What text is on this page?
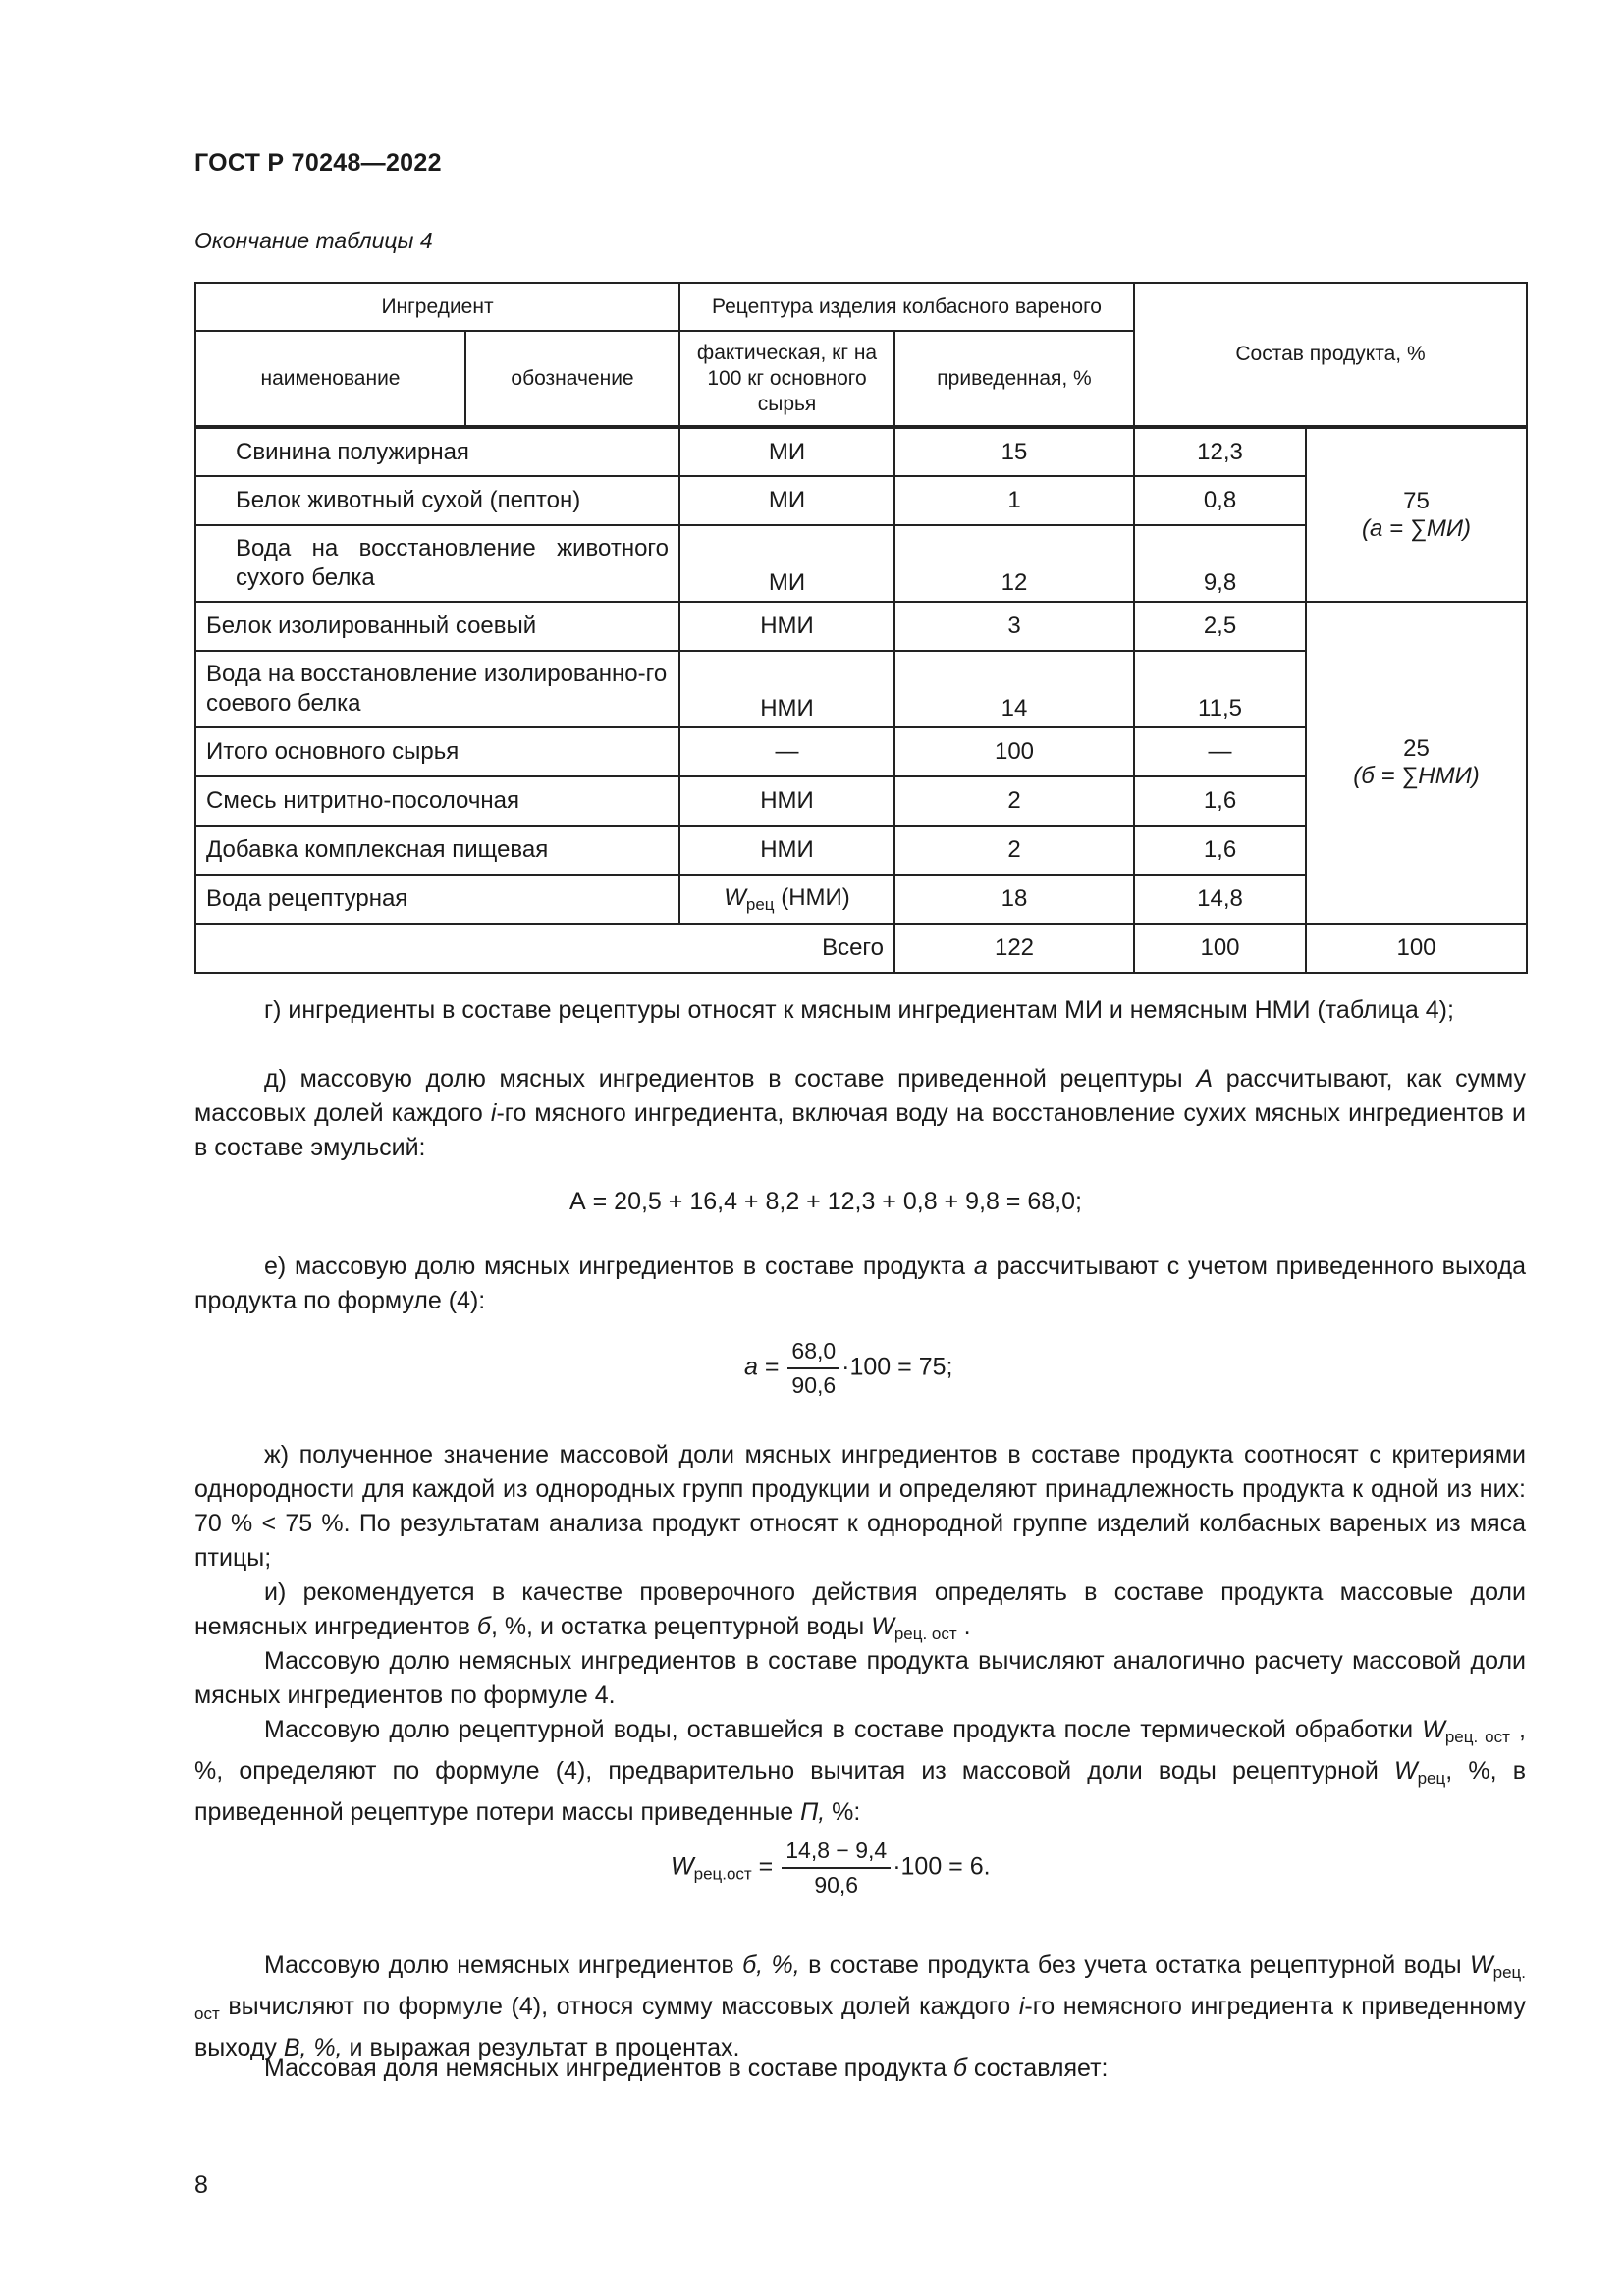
ГОСТ Р 70248—2022
Окончание таблицы 4
Ингредиент		Рецептура изделия колбасного вареного		Состав продукта, %	
наименование	обозначение	фактическая, кг на 100 кг основного сырья	приведенная, %		
Свинина полужирная		МИ	15	12,3	75
(а = ∑МИ)

Белок животный сухой (пептон)		МИ	1	0,8	

Вода на восстановление животного сухого белка		МИ	12	9,8	
Белок изолированный соевый		НМИ	3	2,5	25
(б = ∑НМИ)

Вода на восстановление изолированно-го соевого белка		НМИ	14	11,5	
Итого основного сырья		—	100	—	
Смесь нитритно-посолочная		НМИ	2	1,6	
Добавка комплексная пищевая		НМИ	2	1,6	
Вода рецептурная		$W_{рец}$ (НМИ)	18	14,8	
Всего			122	100	100

г) ингредиенты в составе рецептуры относят к мясным ингредиентам МИ и немясным НМИ (таблица 4);

д) массовую долю мясных ингредиентов в составе приведенной рецептуры А рассчитывают, как сумму массовых долей каждого i-го мясного ингредиента, включая воду на восстановление сухих мясных ингредиентов и в составе эмульсий:

А = 20,5 + 16,4 + 8,2 + 12,3 + 0,8 + 9,8 = 68,0;

е) массовую долю мясных ингредиентов в составе продукта а рассчитывают с учетом приведенного выхода продукта по формуле (4):

$a = \frac{68,0}{90,6} \cdot 100 = 75$;

ж) полученное значение массовой доли мясных ингредиентов в составе продукта соотносят с критериями однородности для каждой из однородных групп продукции и определяют принадлежность продукта к одной из них: 70 % < 75 %. По результатам анализа продукт относят к однородной группе изделий колбасных вареных из мяса птицы;

и) рекомендуется в качестве проверочного действия определять в составе продукта массовые доли немясных ингредиентов б, %, и остатка рецептурной воды $W_{рец. ост}$ .

Массовую долю немясных ингредиентов в составе продукта вычисляют аналогично расчету массовой доли мясных ингредиентов по формуле 4.

Массовую долю рецептурной воды, оставшейся в составе продукта после термической обработки $W_{рец. ост}$ , %, определяют по формуле (4), предварительно вычитая из массовой доли воды рецептурной $W_{рец}$, %, в приведенной рецептуре потери массы приведенные П, %:

$W_{рец.ост} = \frac{14,8 - 9,4}{90,6} \cdot 100 = 6$.

Массовую долю немясных ингредиентов б, %, в составе продукта без учета остатка рецептурной воды $W_{рец. ост}$ вычисляют по формуле (4), относя сумму массовых долей каждого i-го немясного ингредиента к приведенному выходу В, %, и выражая результат в процентах.

Массовая доля немясных ингредиентов в составе продукта б составляет:

8
